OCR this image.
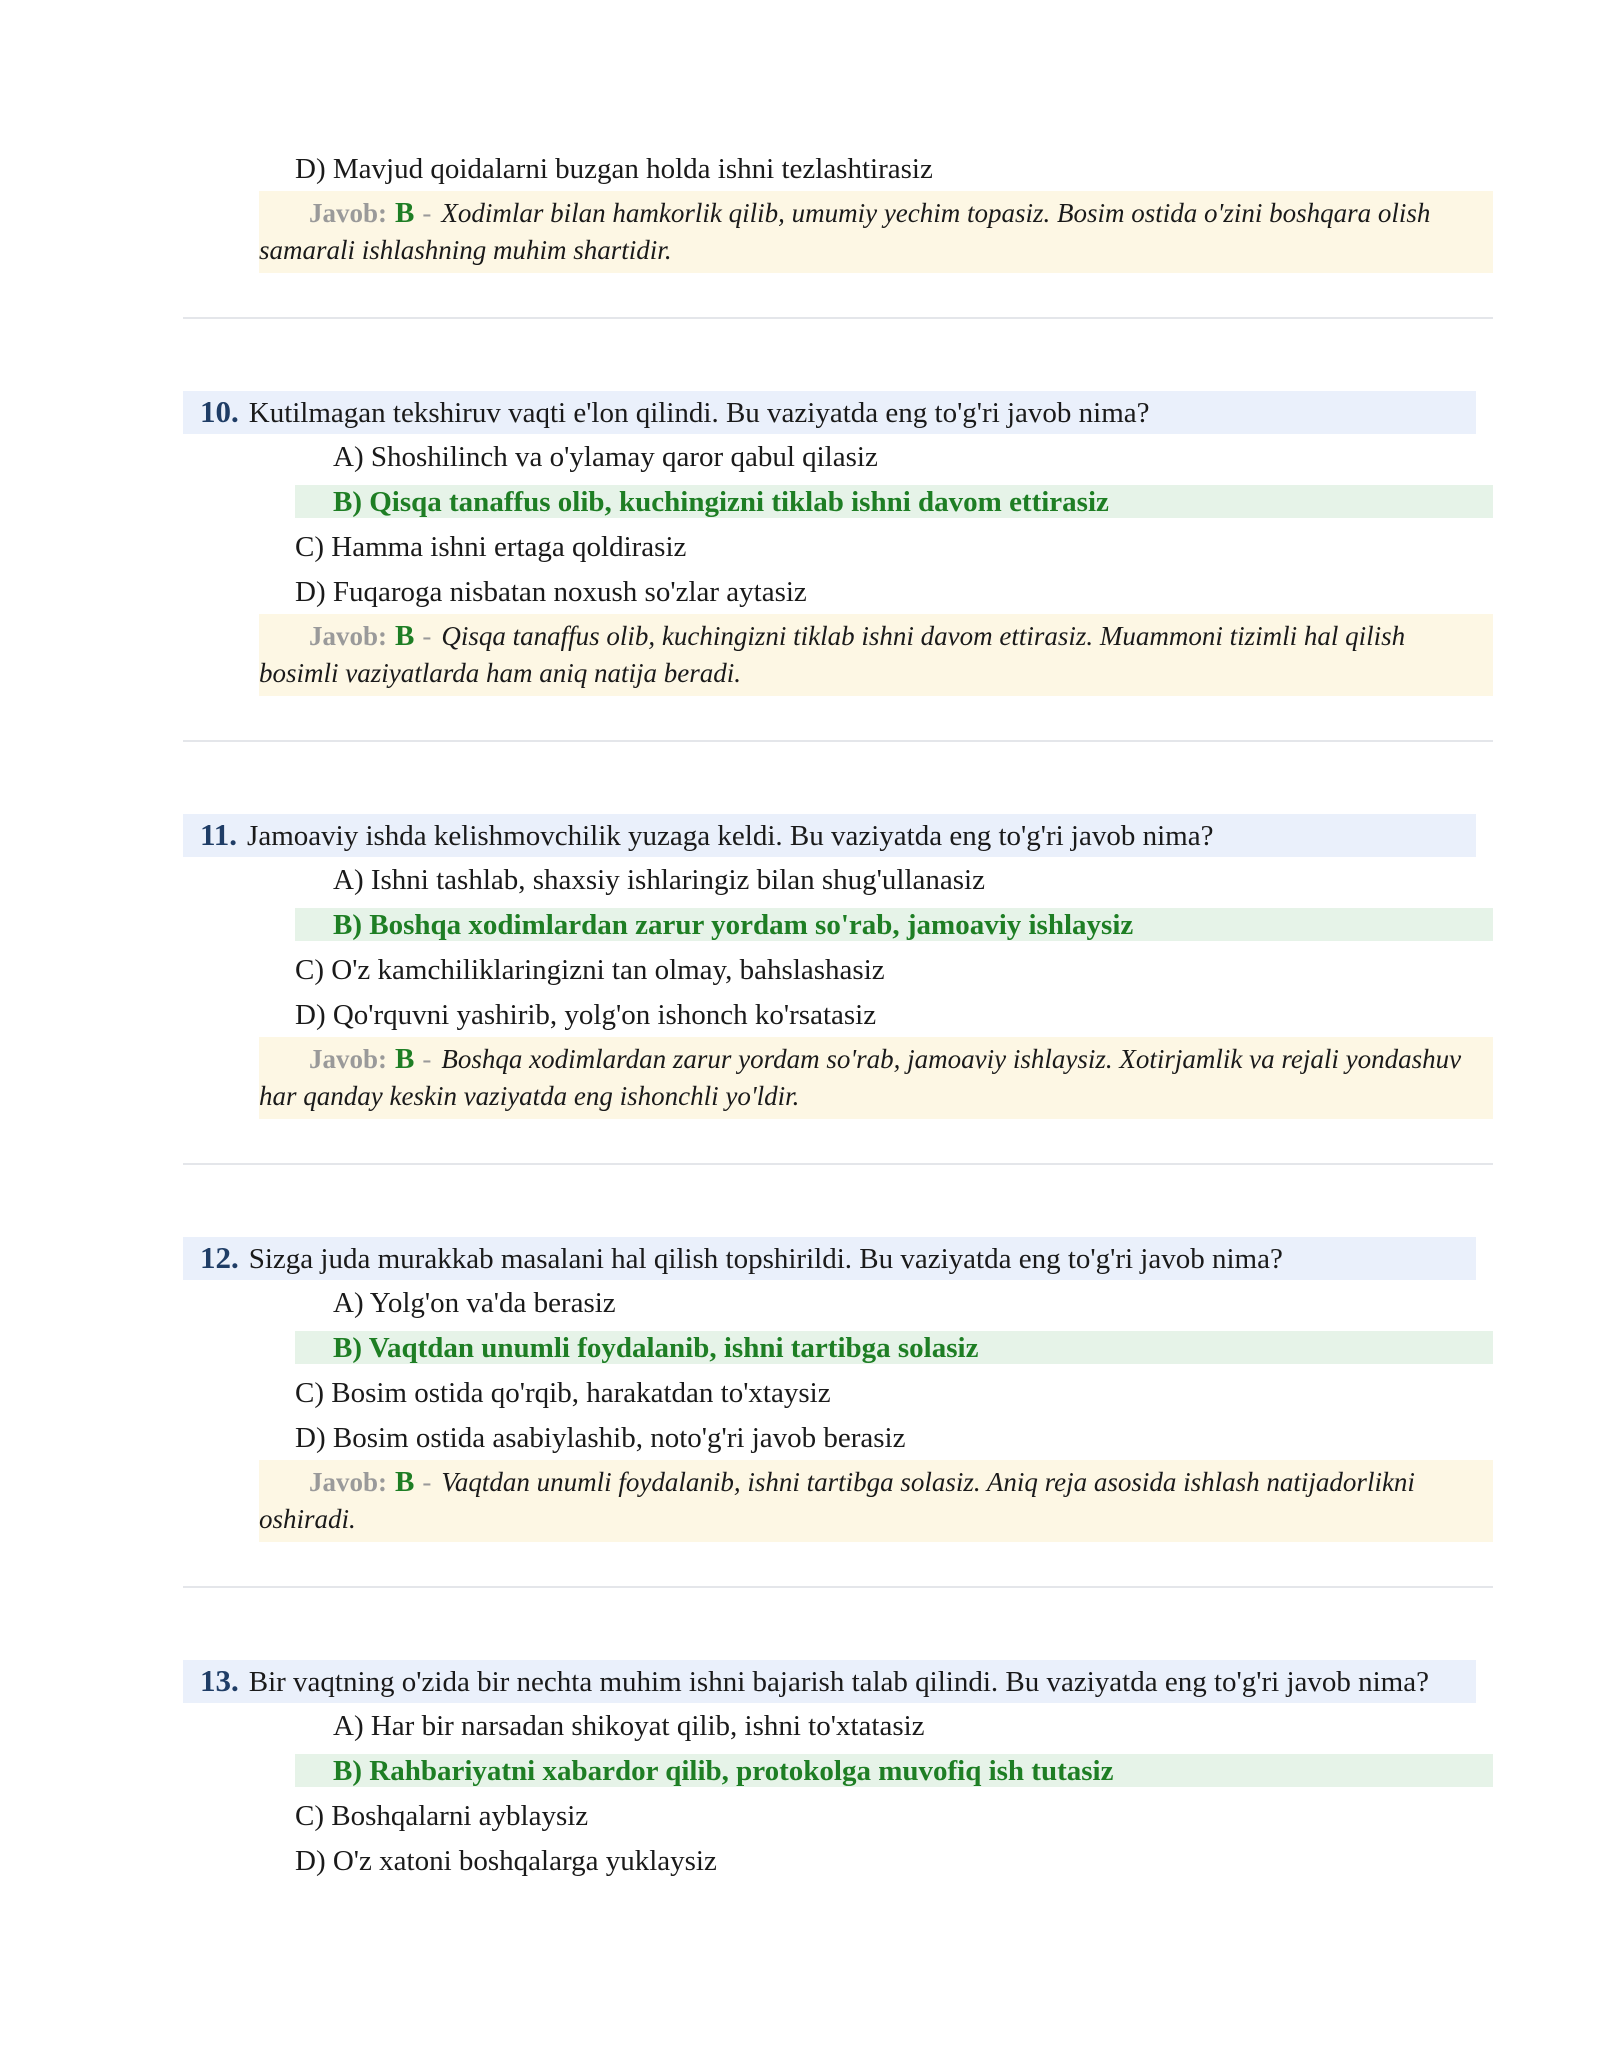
D) Mavjud qoidalarni buzgan holda ishni tezlashtirasiz
Javob: B - Xodimlar bilan hamkorlik qilib, umumiy yechim topasiz. Bosim ostida o'zini boshqara olish samarali ishlashning muhim shartidir.
10. Kutilmagan tekshiruv vaqti e'lon qilindi. Bu vaziyatda eng to'g'ri javob nima?
A) Shoshilinch va o'ylamay qaror qabul qilasiz
B) Qisqa tanaffus olib, kuchingizni tiklab ishni davom ettirasiz
C) Hamma ishni ertaga qoldirasiz
D) Fuqaroga nisbatan noxush so'zlar aytasiz
Javob: B - Qisqa tanaffus olib, kuchingizni tiklab ishni davom ettirasiz. Muammoni tizimli hal qilish bosimli vaziyatlarda ham aniq natija beradi.
11. Jamoaviy ishda kelishmovchilik yuzaga keldi. Bu vaziyatda eng to'g'ri javob nima?
A) Ishni tashlab, shaxsiy ishlaringiz bilan shug'ullanasiz
B) Boshqa xodimlardan zarur yordam so'rab, jamoaviy ishlaysiz
C) O'z kamchiliklaringizni tan olmay, bahslashasiz
D) Qo'rquvni yashirib, yolg'on ishonch ko'rsatasiz
Javob: B - Boshqa xodimlardan zarur yordam so'rab, jamoaviy ishlaysiz. Xotirjamlik va rejali yondashuv har qanday keskin vaziyatda eng ishonchli yo'ldir.
12. Sizga juda murakkab masalani hal qilish topshirildi. Bu vaziyatda eng to'g'ri javob nima?
A) Yolg'on va'da berasiz
B) Vaqtdan unumli foydalanib, ishni tartibga solasiz
C) Bosim ostida qo'rqib, harakatdan to'xtaysiz
D) Bosim ostida asabiylashib, noto'g'ri javob berasiz
Javob: B - Vaqtdan unumli foydalanib, ishni tartibga solasiz. Aniq reja asosida ishlash natijadorlikni oshiradi.
13. Bir vaqtning o'zida bir nechta muhim ishni bajarish talab qilindi. Bu vaziyatda eng to'g'ri javob nima?
A) Har bir narsadan shikoyat qilib, ishni to'xtatasiz
B) Rahbariyatni xabardor qilib, protokolga muvofiq ish tutasiz
C) Boshqalarni ayblaysiz
D) O'z xatoni boshqalarga yuklaysiz
